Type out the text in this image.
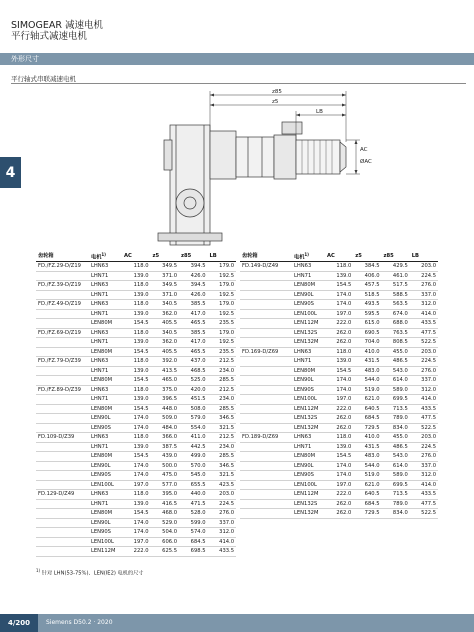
SIMOGEAR 减速电机
平行轴式减速电机
外形尺寸
平行轴式串联减速电机
4
z85
z5
LB
AC
ØAC
齿轮箱	电机$^{1)}$	AC	z5	z85	LB
FD./FZ.29-D/Z19	LHN63	118.0	349.5	394.5	179.0
	LHN71	139.0	371.0	426.0	192.5
FD./FZ.39-D/Z19	LHN63	118.0	349.5	394.5	179.0
	LHN71	139.0	371.0	426.0	192.5
FD./FZ.49-D/Z19	LHN63	118.0	340.5	385.5	179.0
	LHN71	139.0	362.0	417.0	192.5
	LEN80M	154.5	405.5	465.5	235.5
FD./FZ.69-D/Z19	LHN63	118.0	340.5	385.5	179.0
	LHN71	139.0	362.0	417.0	192.5
	LEN80M	154.5	405.5	465.5	235.5
FD./FZ.79-D/Z39	LHN63	118.0	392.0	437.0	212.5
	LHN71	139.0	413.5	468.5	234.0
	LEN80M	154.5	465.0	525.0	285.5
FD./FZ.89-D/Z39	LHN63	118.0	375.0	420.0	212.5
	LHN71	139.0	396.5	451.5	234.0
	LEN80M	154.5	448.0	508.0	285.5
	LEN90L	174.0	509.0	579.0	346.5
	LEN90S	174.0	484.0	554.0	321.5
FD.109-D/Z39	LHN63	118.0	366.0	411.0	212.5
	LHN71	139.0	387.5	442.5	234.0
	LEN80M	154.5	439.0	499.0	285.5
	LEN90L	174.0	500.0	570.0	346.5
	LEN90S	174.0	475.0	545.0	321.5
	LEN100L	197.0	577.0	655.5	423.5
FD.129-D/Z49	LHN63	118.0	395.0	440.0	203.0
	LHN71	139.0	416.5	471.5	224.5
	LEN80M	154.5	468.0	528.0	276.0
	LEN90L	174.0	529.0	599.0	337.0
	LEN90S	174.0	504.0	574.0	312.0
	LEN100L	197.0	606.0	684.5	414.0
	LEN112M	222.0	625.5	698.5	433.5
齿轮箱	电机$^{1)}$	AC	z5	z85	LB
FD.149-D/Z49	LHN63	118.0	384.5	429.5	203.0
	LHN71	139.0	406.0	461.0	224.5
	LEN80M	154.5	457.5	517.5	276.0
	LEN90L	174.0	518.5	588.5	337.0
	LEN90S	174.0	493.5	563.5	312.0
	LEN100L	197.0	595.5	674.0	414.0
	LEN112M	222.0	615.0	688.0	433.5
	LEN132S	262.0	690.5	763.5	477.5
	LEN132M	262.0	704.0	808.5	522.5
FD.169-D/Z69	LHN63	118.0	410.0	455.0	203.0
	LHN71	139.0	431.5	486.5	224.5
	LEN80M	154.5	483.0	543.0	276.0
	LEN90L	174.0	544.0	614.0	337.0
	LEN90S	174.0	519.0	589.0	312.0
	LEN100L	197.0	621.0	699.5	414.0
	LEN112M	222.0	640.5	713.5	433.5
	LEN132S	262.0	684.5	789.0	477.5
	LEN132M	262.0	729.5	834.0	522.5
FD.189-D/Z69	LHN63	118.0	410.0	455.0	203.0
	LHN71	139.0	431.5	486.5	224.5
	LEN80M	154.5	483.0	543.0	276.0
	LEN90L	174.0	544.0	614.0	337.0
	LEN90S	174.0	519.0	589.0	312.0
	LEN100L	197.0	621.0	699.5	414.0
	LEN112M	222.0	640.5	713.5	433.5
	LEN132S	262.0	684.5	789.0	477.5
	LEN132M	262.0	729.5	834.0	522.5
$^{1)}$ 针对 LHN(53-75%)、LEN(IE2) 电机的尺寸
4/200	Siemens D50.2 · 2020
